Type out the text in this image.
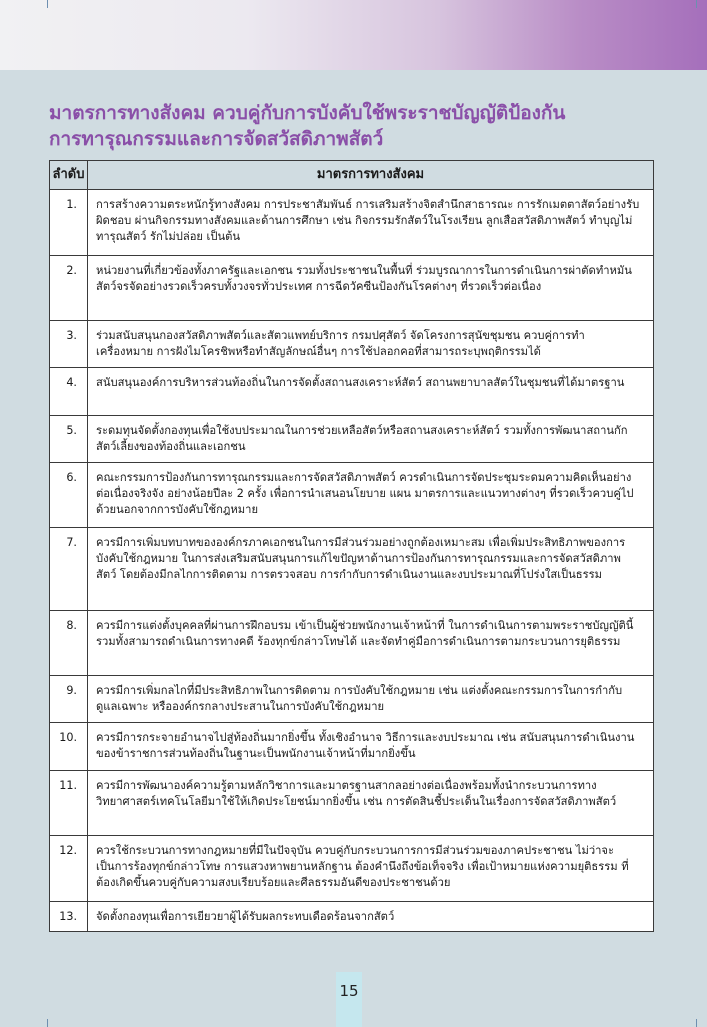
มาตรการทางสังคม ควบคู่กับการบังคับใช้พระราชบัญญัติป้องกัน
การทารุณกรรมและการจัดสวัสดิภาพสัตว์
ลำดับ	มาตรการทางสังคม
1.	การสร้างความตระหนักรู้ทางสังคม การประชาสัมพันธ์ การเสริมสร้างจิตสำนึกสาธารณะ การรักเมตตาสัตว์อย่างรับผิดชอบ ผ่านกิจกรรมทางสังคมและด้านการศึกษา เช่น กิจกรรมรักสัตว์ในโรงเรียน ลูกเสือสวัสดิภาพสัตว์ ทำบุญไม่ทารุณสัตว์ รักไม่ปล่อย เป็นต้น
2.	หน่วยงานที่เกี่ยวข้องทั้งภาครัฐและเอกชน รวมทั้งประชาชนในพื้นที่ ร่วมบูรณาการในการดำเนินการผ่าตัดทำหมันสัตว์จรจัดอย่างรวดเร็วครบทั้งวงจรทั่วประเทศ การฉีดวัคซีนป้องกันโรคต่างๆ ที่รวดเร็วต่อเนื่อง
3.	ร่วมสนับสนุนกองสวัสดิภาพสัตว์และสัตวแพทย์บริการ กรมปศุสัตว์ จัดโครงการสุนัขชุมชน ควบคู่การทำเครื่องหมาย การฝังไมโครชิพหรือทำสัญลักษณ์อื่นๆ การใช้ปลอกคอที่สามารถระบุพฤติกรรมได้
4.	สนับสนุนองค์การบริหารส่วนท้องถิ่นในการจัดตั้งสถานสงเคราะห์สัตว์ สถานพยาบาลสัตว์ในชุมชนที่ได้มาตรฐาน
5.	ระดมทุนจัดตั้งกองทุนเพื่อใช้งบประมาณในการช่วยเหลือสัตว์หรือสถานสงเคราะห์สัตว์ รวมทั้งการพัฒนาสถานกักสัตว์เลี้ยงของท้องถิ่นและเอกชน
6.	คณะกรรมการป้องกันการทารุณกรรมและการจัดสวัสดิภาพสัตว์ ควรดำเนินการจัดประชุมระดมความคิดเห็นอย่างต่อเนื่องจริงจัง อย่างน้อยปีละ 2 ครั้ง เพื่อการนำเสนอนโยบาย แผน มาตรการและแนวทางต่างๆ ที่รวดเร็วควบคู่ไปด้วยนอกจากการบังคับใช้กฎหมาย
7.	ควรมีการเพิ่มบทบาทขององค์กรภาคเอกชนในการมีส่วนร่วมอย่างถูกต้องเหมาะสม เพื่อเพิ่มประสิทธิภาพของการบังคับใช้กฎหมาย ในการส่งเสริมสนับสนุนการแก้ไขปัญหาด้านการป้องกันการทารุณกรรมและการจัดสวัสดิภาพสัตว์ โดยต้องมีกลไกการติดตาม การตรวจสอบ การกำกับการดำเนินงานและงบประมาณที่โปร่งใสเป็นธรรม
8.	ควรมีการแต่งตั้งบุคคลที่ผ่านการฝึกอบรม เข้าเป็นผู้ช่วยพนักงานเจ้าหน้าที่ ในการดำเนินการตามพระราชบัญญัตินี้ รวมทั้งสามารถดำเนินการทางคดี ร้องทุกข์กล่าวโทษได้ และจัดทำคู่มือการดำเนินการตามกระบวนการยุติธรรม
9.	ควรมีการเพิ่มกลไกที่มีประสิทธิภาพในการติดตาม การบังคับใช้กฎหมาย เช่น แต่งตั้งคณะกรรมการในการกำกับดูแลเฉพาะ หรือองค์กรกลางประสานในการบังคับใช้กฎหมาย
10.	ควรมีการกระจายอำนาจไปสู่ท้องถิ่นมากยิ่งขึ้น ทั้งเชิงอำนาจ วิธีการและงบประมาณ เช่น สนับสนุนการดำเนินงานของข้าราชการส่วนท้องถิ่นในฐานะเป็นพนักงานเจ้าหน้าที่มากยิ่งขึ้น
11.	ควรมีการพัฒนาองค์ความรู้ตามหลักวิชาการและมาตรฐานสากลอย่างต่อเนื่องพร้อมทั้งนำกระบวนการทางวิทยาศาสตร์เทคโนโลยีมาใช้ให้เกิดประโยชน์มากยิ่งขึ้น เช่น การตัดสินชี้ประเด็นในเรื่องการจัดสวัสดิภาพสัตว์
12.	ควรใช้กระบวนการทางกฎหมายที่มีในปัจจุบัน ควบคู่กับกระบวนการการมีส่วนร่วมของภาคประชาชน ไม่ว่าจะเป็นการร้องทุกข์กล่าวโทษ การแสวงหาพยานหลักฐาน ต้องคำนึงถึงข้อเท็จจริง เพื่อเป้าหมายแห่งความยุติธรรม ที่ต้องเกิดขึ้นควบคู่กับความสงบเรียบร้อยและศีลธรรมอันดีของประชาชนด้วย
13.	จัดตั้งกองทุนเพื่อการเยียวยาผู้ได้รับผลกระทบเดือดร้อนจากสัตว์
15
